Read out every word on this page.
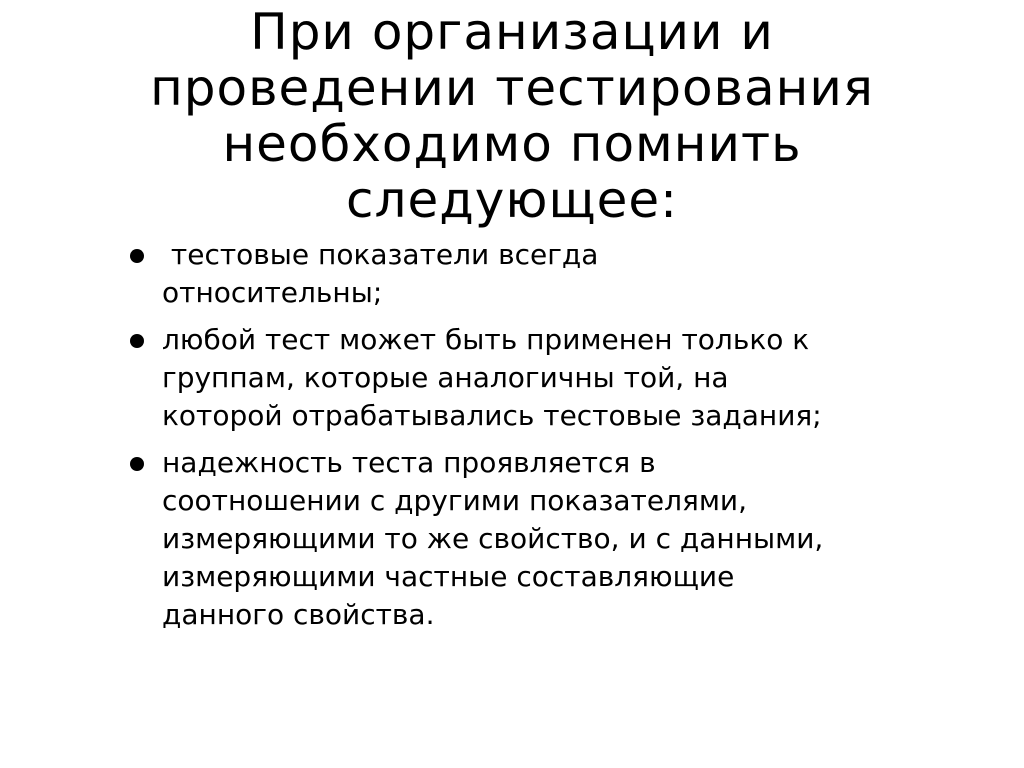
При организации и
проведении тестирования
необходимо помнить
следующее:
тестовые показатели всегда
относительны;
любой тест может быть применен только к
группам, которые аналогичны той, на
которой отрабатывались тестовые задания;
надежность теста проявляется в
соотношении с другими показателями,
измеряющими то же свойство, и с данными,
измеряющими частные составляющие
данного свойства.
